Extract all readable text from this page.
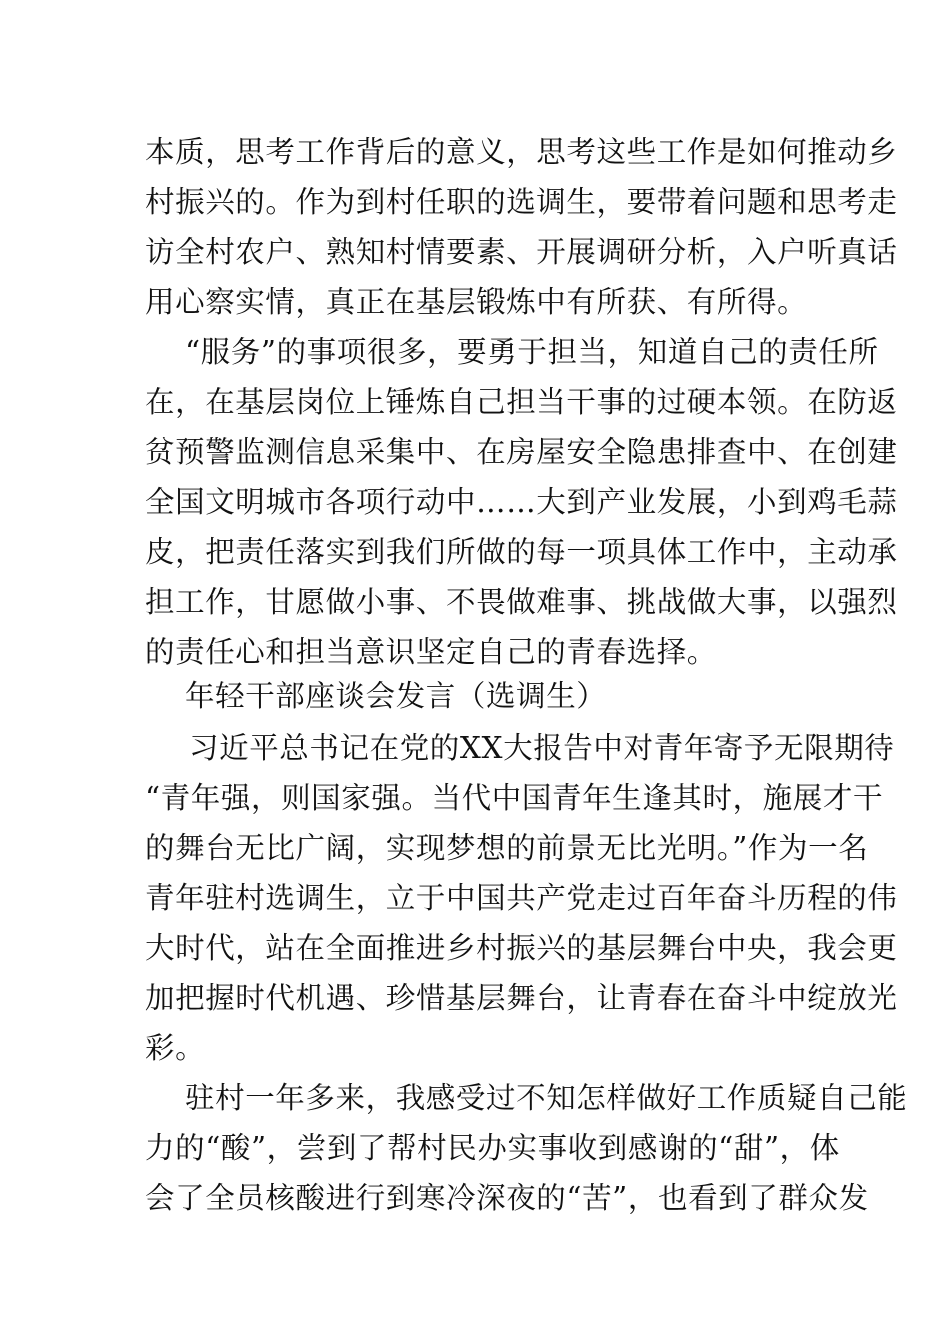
本质，思考工作背后的意义，思考这些工作是如何推动乡
村振兴的。作为到村任职的选调生，要带着问题和思考走
访全村农户、熟知村情要素、开展调研分析，入户听真话
用心察实情，真正在基层锻炼中有所获、有所得。
“服务”的事项很多，要勇于担当，知道自己的责任所
在，在基层岗位上锤炼自己担当干事的过硬本领。在防返
贫预警监测信息采集中、在房屋安全隐患排查中、在创建
全国文明城市各项行动中……大到产业发展，小到鸡毛蒜
皮，把责任落实到我们所做的每一项具体工作中，主动承
担工作，甘愿做小事、不畏做难事、挑战做大事，以强烈
的责任心和担当意识坚定自己的青春选择。
年轻干部座谈会发言（选调生）
习近平总书记在党的XX大报告中对青年寄予无限期待
“青年强，则国家强。当代中国青年生逢其时，施展才干
的舞台无比广阔，实现梦想的前景无比光明。”作为一名
青年驻村选调生，立于中国共产党走过百年奋斗历程的伟
大时代，站在全面推进乡村振兴的基层舞台中央，我会更
加把握时代机遇、珍惜基层舞台，让青春在奋斗中绽放光
彩。
驻村一年多来，我感受过不知怎样做好工作质疑自己能
力的“酸”，尝到了帮村民办实事收到感谢的“甜”，体
会了全员核酸进行到寒冷深夜的“苦”，也看到了群众发
